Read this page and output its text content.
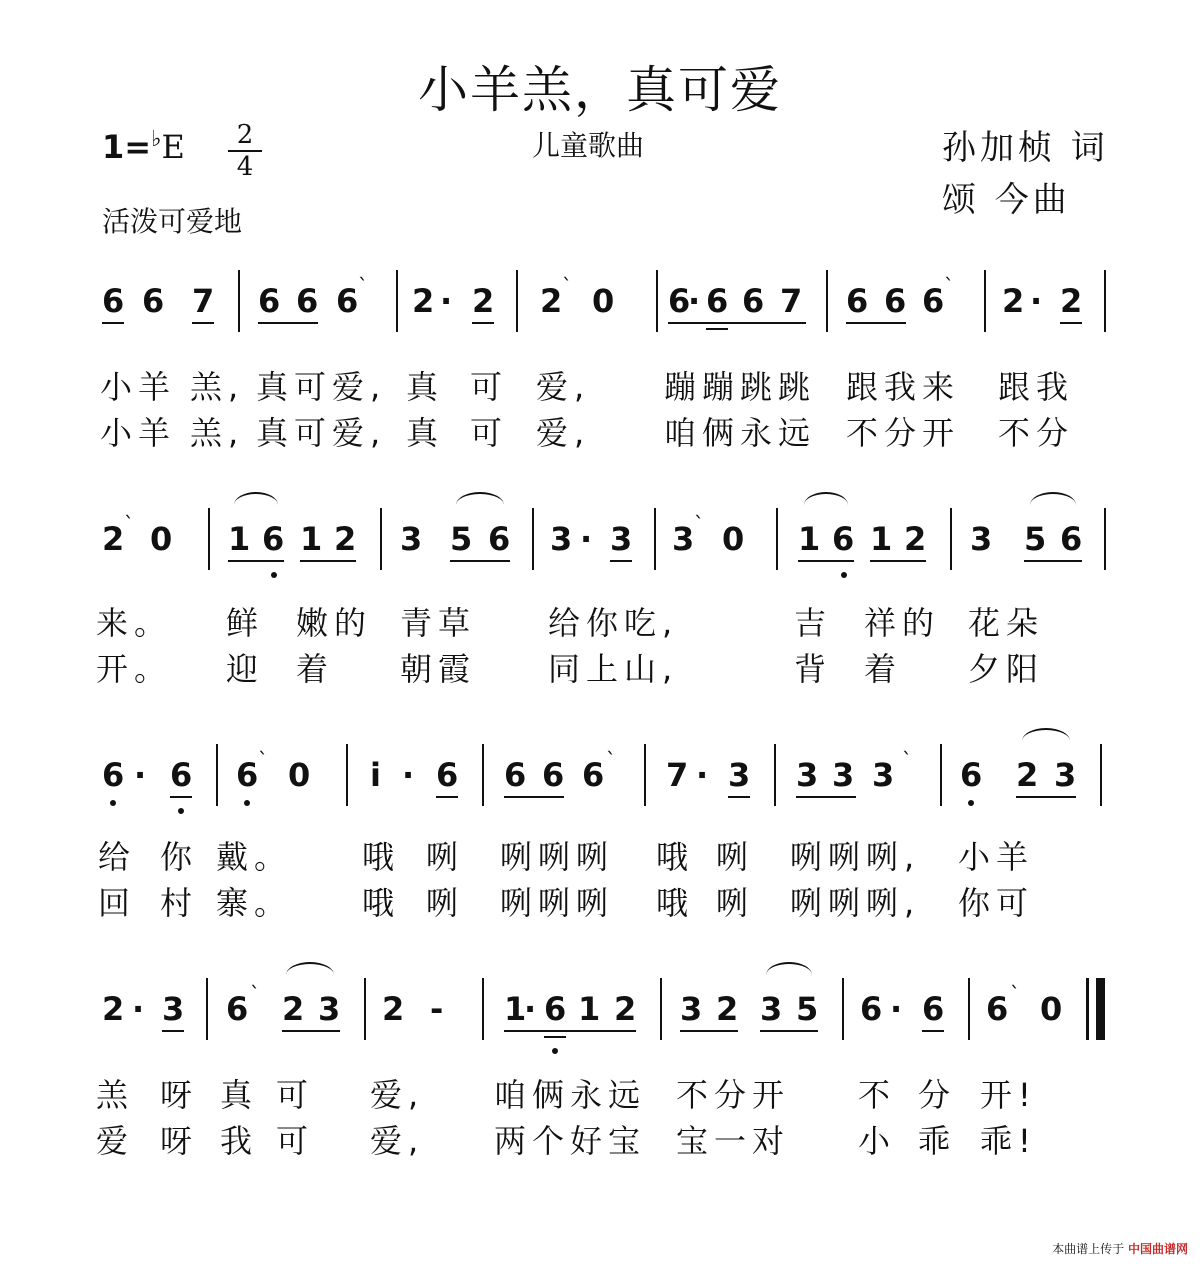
小羊羔，真可爱
1=♭E	2
4
儿童歌曲	孙加桢 词
颂 今曲
活泼可爱地
6 6 7 6 6 6 ˋ 2 · 2 2 ˋ 0 6
· 6 6 7 6 6 6 ˋ 2 · 2
小羊 羔, 真可爱, 真 可 爱, 蹦蹦跳跳 跟我来 跟我
小羊 羔, 真可爱, 真 可 爱, 咱俩永远 不分开 不分
2 ˋ 0 1 6 1 2 3 5 6 3 · 3 3 ˋ 0 1 6 1 2 3 5 6
来。 鲜 嫩的 青草 给你吃,	吉 祥的 花朵
开。 迎 着 朝霞 同上山,	背 着 夕阳
6 · 6 6 ˋ 0 i · 6 6 6 6 ˋ 7 · 3 3 3 3 ˋ 6 2 3
给 你 戴。 哦 咧 咧咧咧 哦 咧 咧咧咧, 小羊
回 村 寨。 哦 咧 咧咧咧 哦 咧 咧咧咧, 你可
2 · 3 6 ˋ 2 3 2 - 1
· 6 1 2 3 2 3 5 6 · 6 6 ˋ 0
羔 呀 真 可 爱, 咱俩永远 不分开 不 分 开!
爱 呀 我 可 爱, 两个好宝 宝一对 小 乖 乖!
本曲谱上传于 中国曲谱网
